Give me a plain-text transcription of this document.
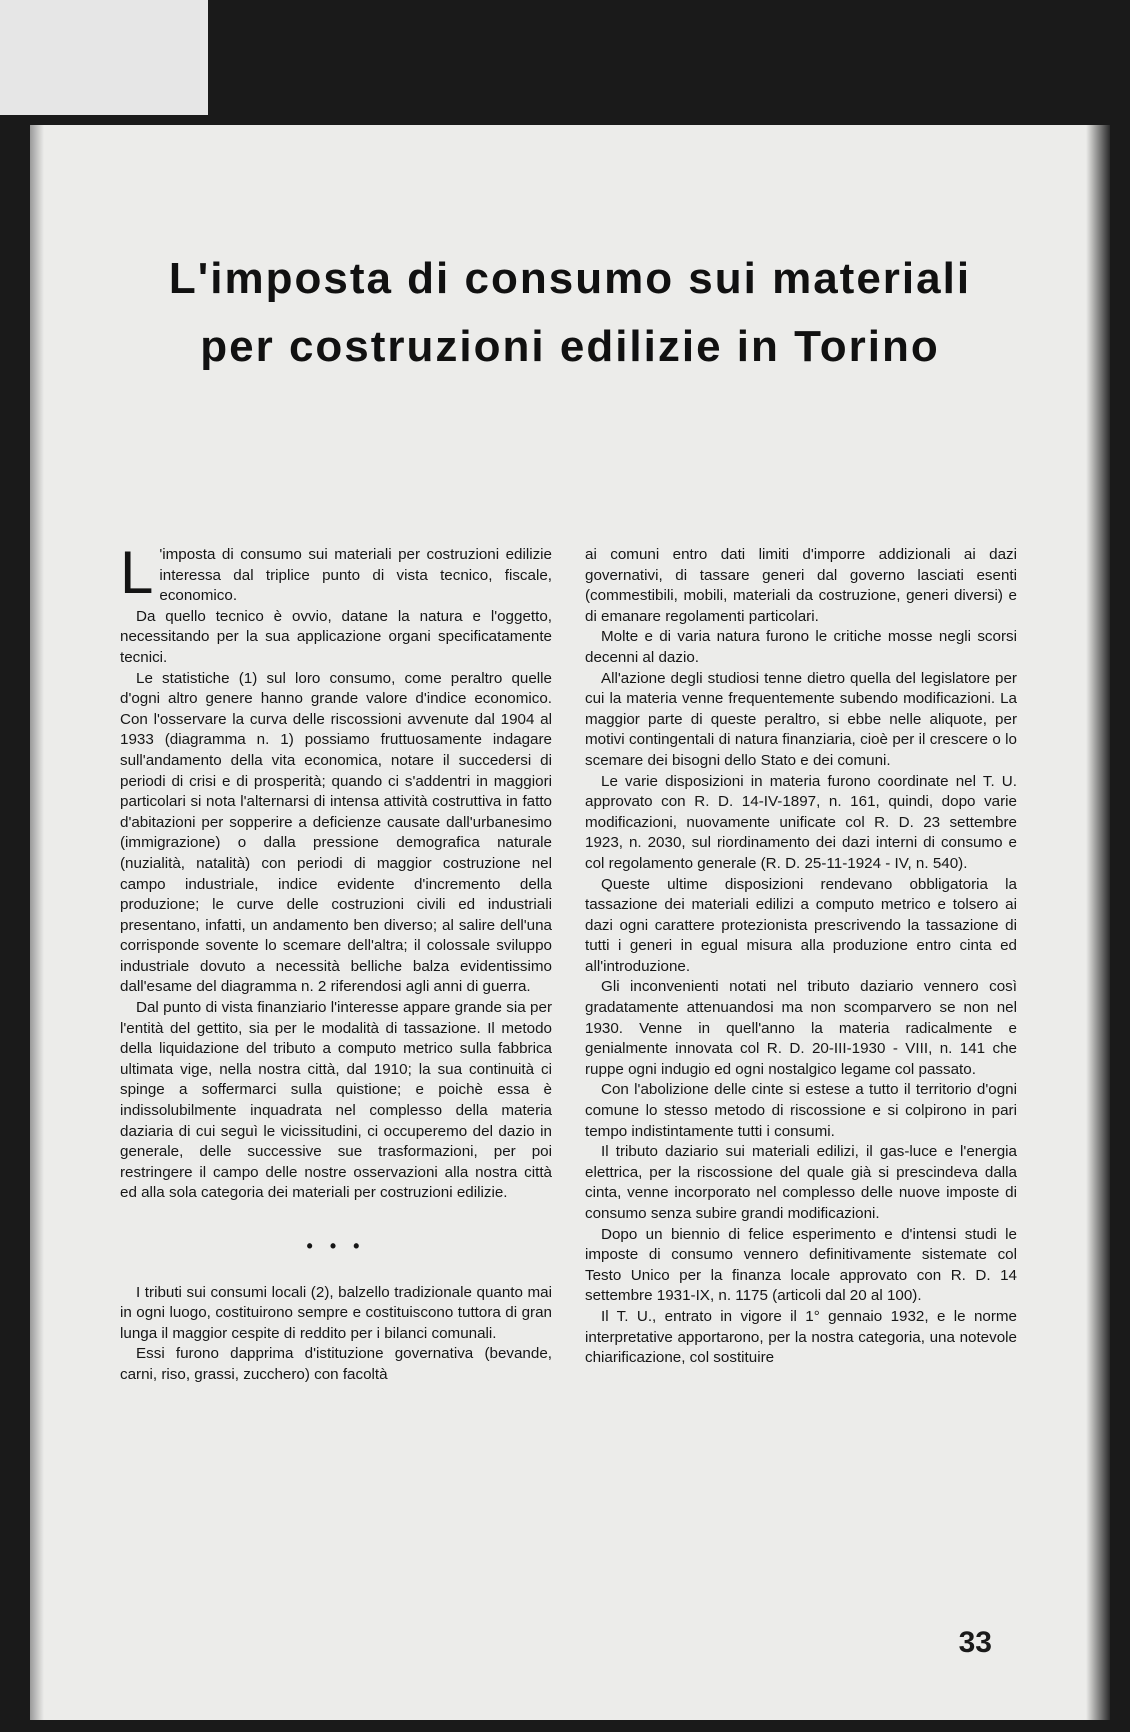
L'imposta di consumo sui materiali
per costruzioni edilizie in Torino

L 'imposta di consumo sui materiali per costruzioni edilizie interessa dal triplice punto di vista tecnico, fiscale, economico.

Da quello tecnico è ovvio, datane la natura e l'oggetto, necessitando per la sua applicazione organi specificatamente tecnici.

Le statistiche (1) sul loro consumo, come peraltro quelle d'ogni altro genere hanno grande valore d'indice economico. Con l'osservare la curva delle riscossioni avvenute dal 1904 al 1933 (diagramma n. 1) possiamo fruttuosamente indagare sull'andamento della vita economica, notare il succedersi di periodi di crisi e di prosperità; quando ci s'addentri in maggiori particolari si nota l'alternarsi di intensa attività costruttiva in fatto d'abitazioni per sopperire a deficienze causate dall'urbanesimo (immigrazione) o dalla pressione demografica naturale (nuzialità, natalità) con periodi di maggior costruzione nel campo industriale, indice evidente d'incremento della produzione; le curve delle costruzioni civili ed industriali presentano, infatti, un andamento ben diverso; al salire dell'una corrisponde sovente lo scemare dell'altra; il colossale sviluppo industriale dovuto a necessità belliche balza evidentissimo dall'esame del diagramma n. 2 riferendosi agli anni di guerra.

Dal punto di vista finanziario l'interesse appare grande sia per l'entità del gettito, sia per le modalità di tassazione. Il metodo della liquidazione del tributo a computo metrico sulla fabbrica ultimata vige, nella nostra città, dal 1910; la sua continuità ci spinge a soffermarci sulla quistione; e poichè essa è indissolubilmente inquadrata nel complesso della materia daziaria di cui seguì le vicissitudini, ci occuperemo del dazio in generale, delle successive sue trasformazioni, per poi restringere il campo delle nostre osservazioni alla nostra città ed alla sola categoria dei materiali per costruzioni edilizie.

• • •

I tributi sui consumi locali (2), balzello tradizionale quanto mai in ogni luogo, costituirono sempre e costituiscono tuttora di gran lunga il maggior cespite di reddito per i bilanci comunali.

Essi furono dapprima d'istituzione governativa (bevande, carni, riso, grassi, zucchero) con facoltà

ai comuni entro dati limiti d'imporre addizionali ai dazi governativi, di tassare generi dal governo lasciati esenti (commestibili, mobili, materiali da costruzione, generi diversi) e di emanare regolamenti particolari.

Molte e di varia natura furono le critiche mosse negli scorsi decenni al dazio.

All'azione degli studiosi tenne dietro quella del legislatore per cui la materia venne frequentemente subendo modificazioni. La maggior parte di queste peraltro, si ebbe nelle aliquote, per motivi contingentali di natura finanziaria, cioè per il crescere o lo scemare dei bisogni dello Stato e dei comuni.

Le varie disposizioni in materia furono coordinate nel T. U. approvato con R. D. 14-IV-1897, n. 161, quindi, dopo varie modificazioni, nuovamente unificate col R. D. 23 settembre 1923, n. 2030, sul riordinamento dei dazi interni di consumo e col regolamento generale (R. D. 25-11-1924 - IV, n. 540).

Queste ultime disposizioni rendevano obbligatoria la tassazione dei materiali edilizi a computo metrico e tolsero ai dazi ogni carattere protezionista prescrivendo la tassazione di tutti i generi in egual misura alla produzione entro cinta ed all'introduzione.

Gli inconvenienti notati nel tributo daziario vennero così gradatamente attenuandosi ma non scomparvero se non nel 1930. Venne in quell'anno la materia radicalmente e genialmente innovata col R. D. 20-III-1930 - VIII, n. 141 che ruppe ogni indugio ed ogni nostalgico legame col passato.

Con l'abolizione delle cinte si estese a tutto il territorio d'ogni comune lo stesso metodo di riscossione e si colpirono in pari tempo indistintamente tutti i consumi.

Il tributo daziario sui materiali edilizi, il gas-luce e l'energia elettrica, per la riscossione del quale già si prescindeva dalla cinta, venne incorporato nel complesso delle nuove imposte di consumo senza subire grandi modificazioni.

Dopo un biennio di felice esperimento e d'intensi studi le imposte di consumo vennero definitivamente sistemate col Testo Unico per la finanza locale approvato con R. D. 14 settembre 1931-IX, n. 1175 (articoli dal 20 al 100).

Il T. U., entrato in vigore il 1° gennaio 1932, e le norme interpretative apportarono, per la nostra categoria, una notevole chiarificazione, col sostituire

33
